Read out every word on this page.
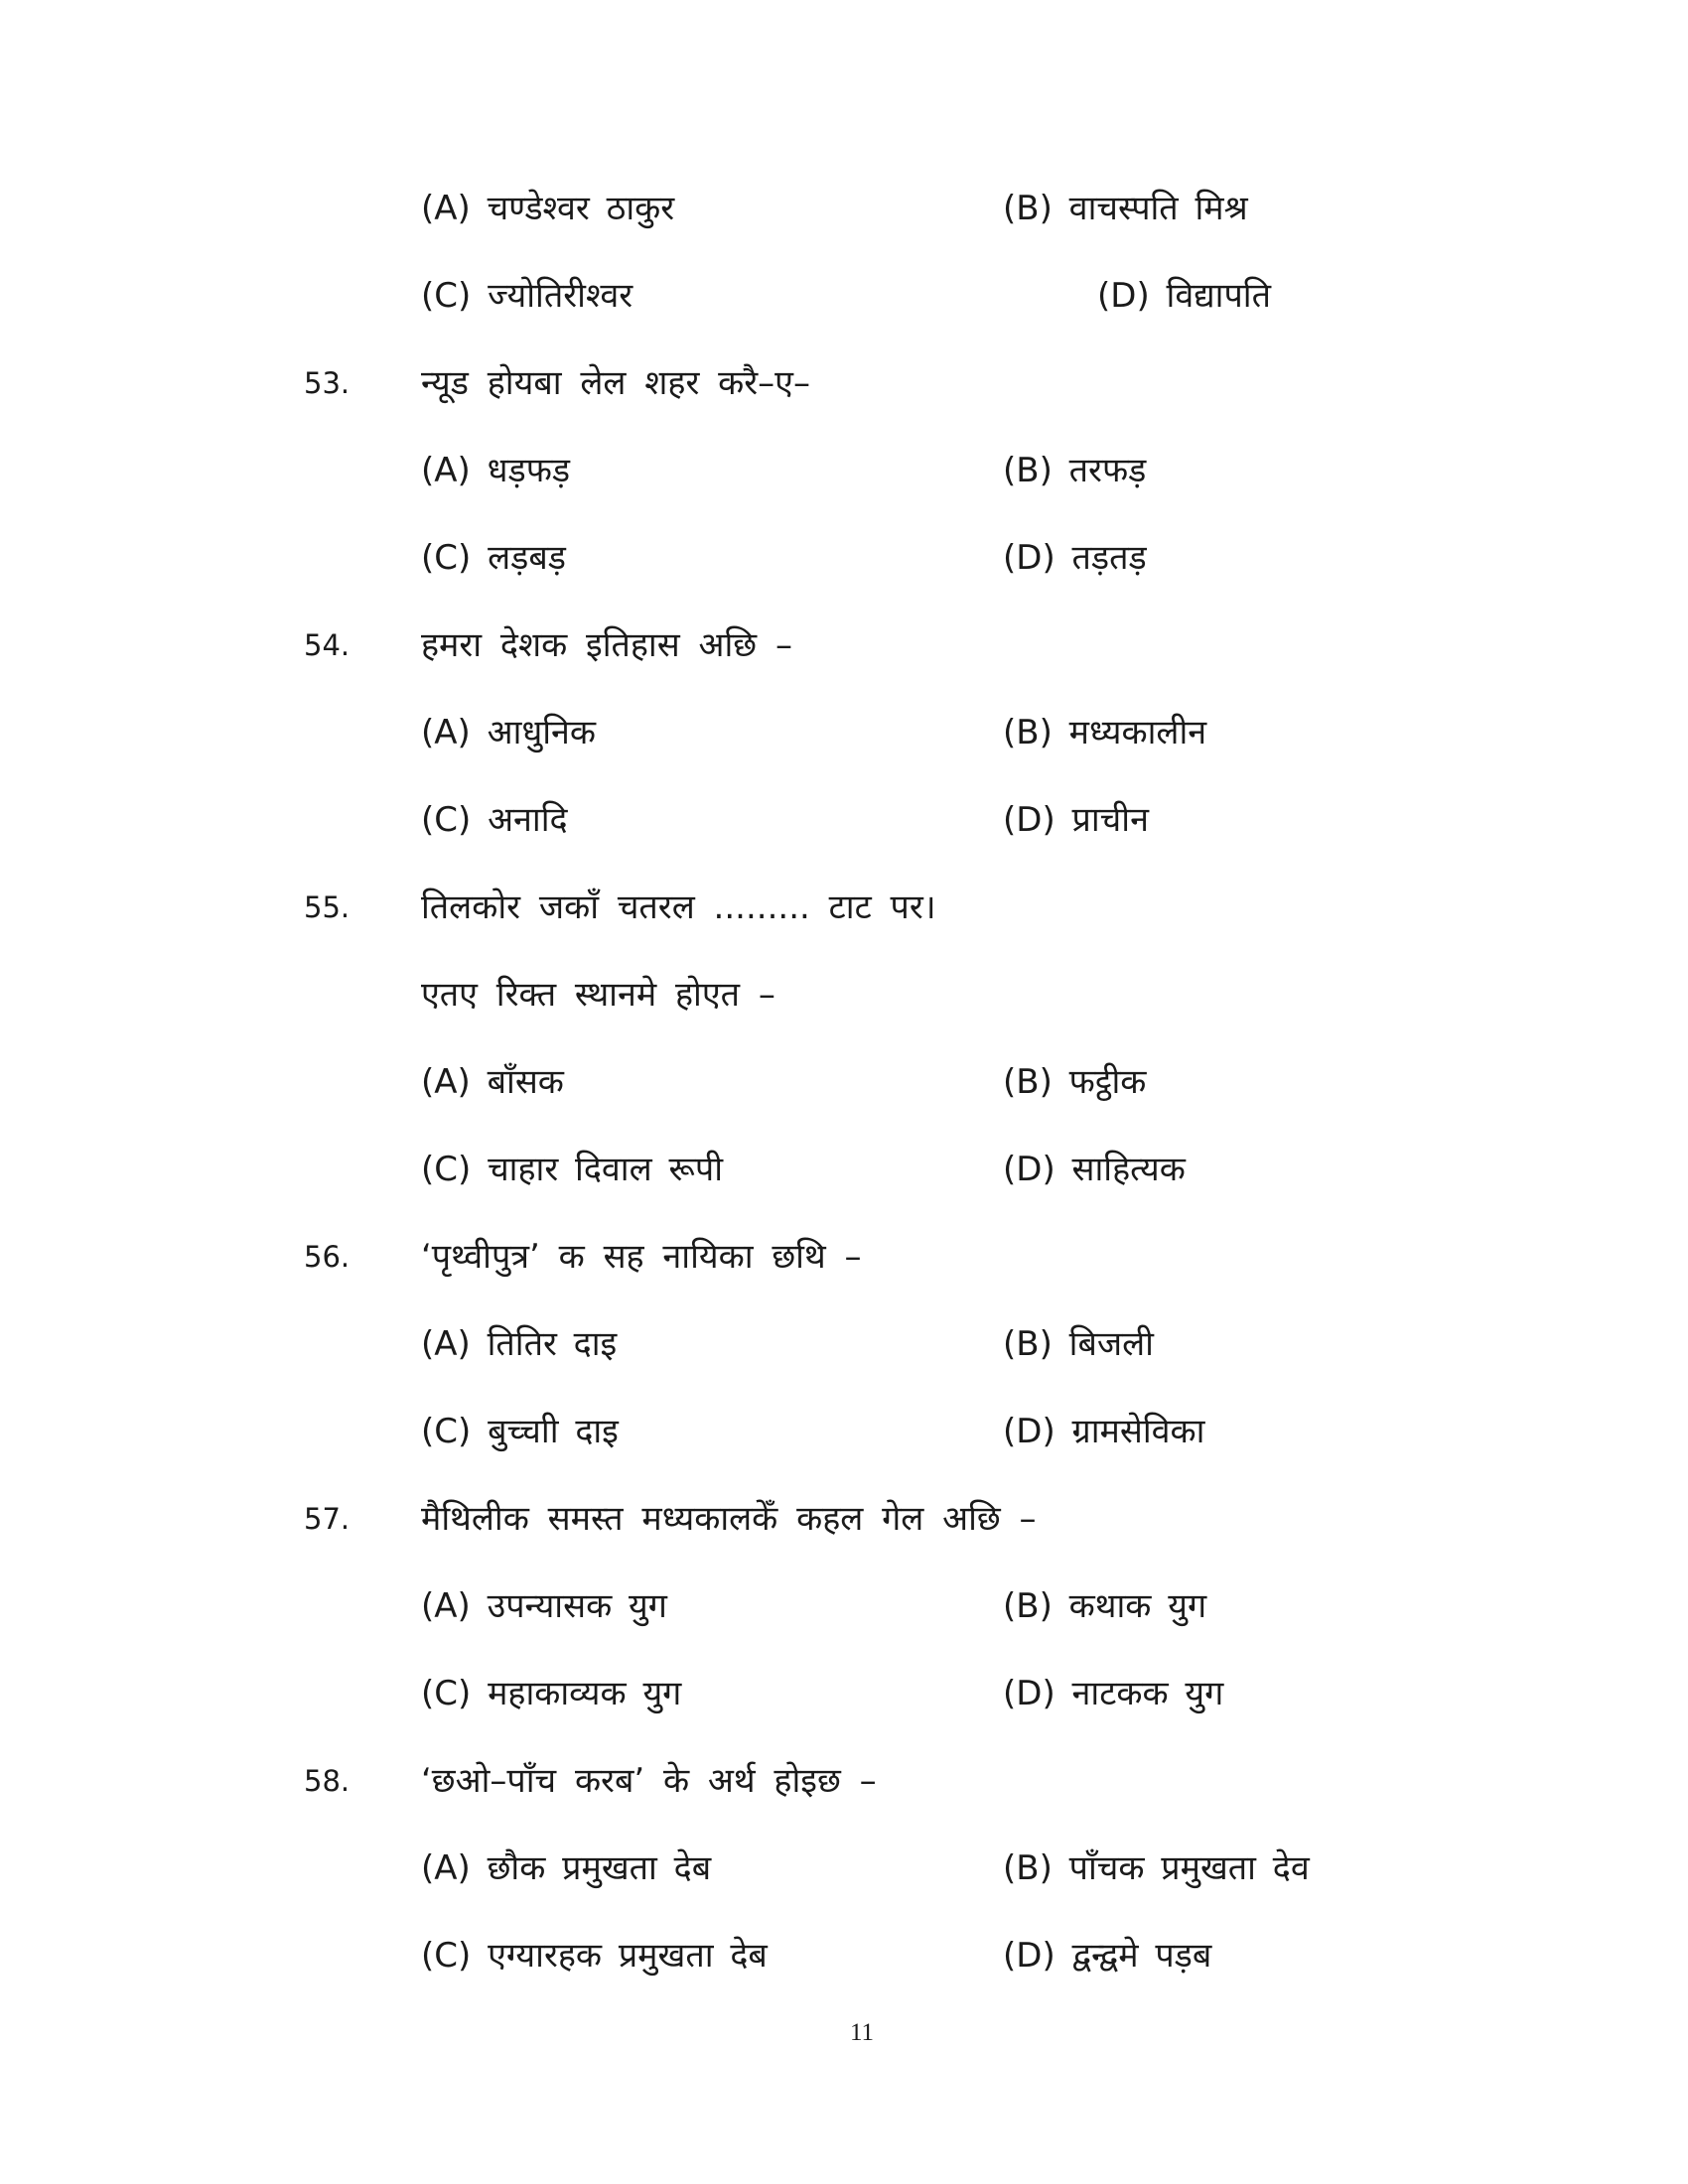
(A) चण्डेश्वर ठाकुर	(B) वाचस्पति मिश्र
(C) ज्योतिरीश्वर	(D) विद्यापति
53. न्यूड होयबा लेल शहर करै–ए–
(A) धड़फड़	(B) तरफड़
(C) लड़बड़	(D) तड़तड़
54. हमरा देशक इतिहास अछि –
(A) आधुनिक	(B) मध्यकालीन
(C) अनादि	(D) प्राचीन
55. तिलकोर जकाँ चतरल ......... टाट पर।
एतए रिक्त स्थानमे होएत –
(A) बाँसक	(B) फट्ठीक
(C) चाहार दिवाल रूपी	(D) साहित्यक
56. ‘पृथ्वीपुत्र’ क सह नायिका छथि –
(A) तितिर दाइ	(B) बिजली
(C) बुच्चाी दाइ	(D) ग्रामसेविका
57. मैथिलीक समस्त मध्यकालकेँ कहल गेल अछि –
(A) उपन्यासक युग	(B) कथाक युग
(C) महाकाव्यक युग	(D) नाटकक युग
58. ‘छओ–पाँच करब’ के अर्थ होइछ –
(A) छौक प्रमुखता देब	(B) पाँचक प्रमुखता देव
(C) एग्यारहक प्रमुखता देब	(D) द्वन्द्वमे पड़ब
11
